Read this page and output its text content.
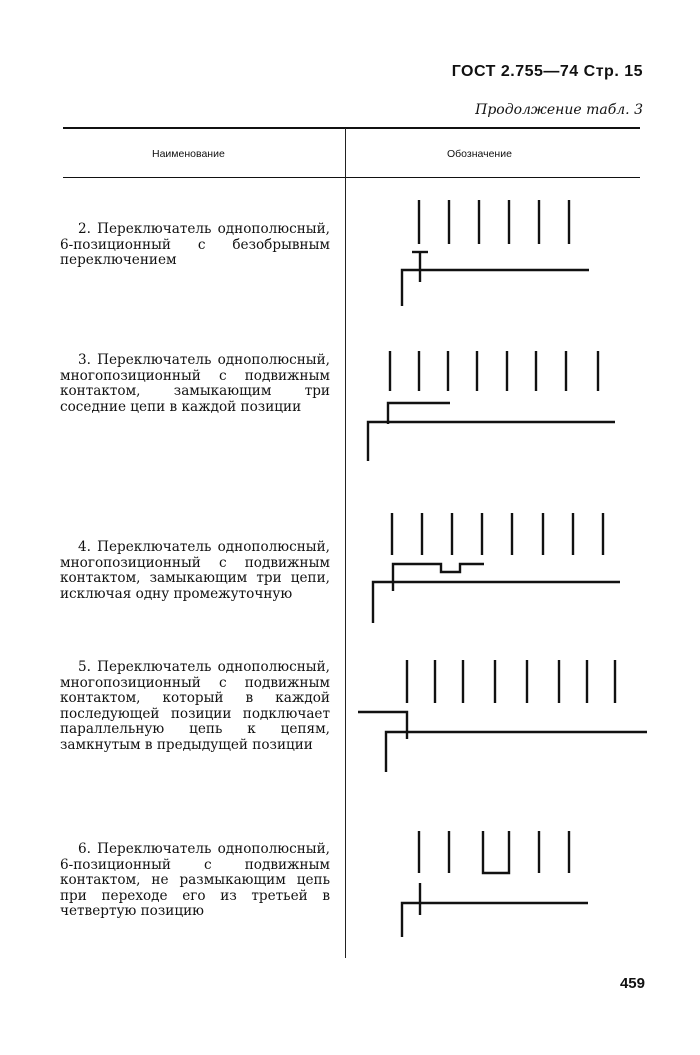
ГОСТ 2.755—74 Стр. 15
Продолжение табл. 3
Наименование	Обозначение
2. Переключатель однополюсный, 6-позиционный с безобрывным переключением
3. Переключатель однополюсный, многопозиционный с подвижным контактом, замыкающим три соседние цепи в каждой позиции
4. Переключатель однополюсный, многопозиционный с подвижным контактом, замыкающим три цепи, исключая одну промежуточную
5. Переключатель однополюсный, многопозиционный с подвижным контактом, который в каждой последующей позиции подключает параллельную цепь к цепям, замкнутым в предыдущей позиции
6. Переключатель однополюсный, 6-позиционный с подвижным контактом, не размыкающим цепь при переходе его из третьей в четвертую позицию
459
